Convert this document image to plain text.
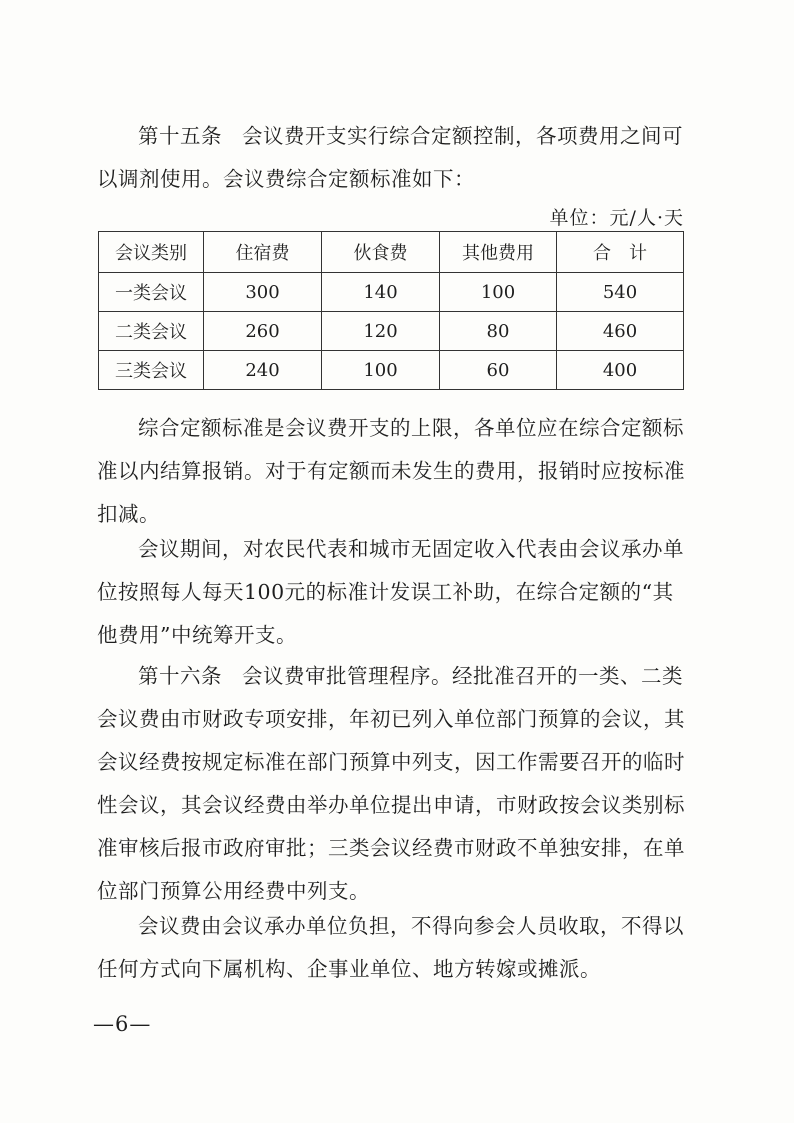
第十五条 会议费开支实行综合定额控制，各项费用之间可
以调剂使用。会议费综合定额标准如下：

单位：元/人·天
会议类别	住宿费	伙食费	其他费用	合　计
一类会议	300	140	100	540
二类会议	260	120	80	460
三类会议	240	100	60	400

综合定额标准是会议费开支的上限，各单位应在综合定额标
准以内结算报销。对于有定额而未发生的费用，报销时应按标准
扣减。

会议期间，对农民代表和城市无固定收入代表由会议承办单
位按照每人每天100元的标准计发误工补助，在综合定额的“其
他费用”中统筹开支。

第十六条 会议费审批管理程序。经批准召开的一类、二类
会议费由市财政专项安排，年初已列入单位部门预算的会议，其
会议经费按规定标准在部门预算中列支，因工作需要召开的临时
性会议，其会议经费由举办单位提出申请，市财政按会议类别标
准审核后报市政府审批；三类会议经费市财政不单独安排，在单
位部门预算公用经费中列支。

会议费由会议承办单位负担，不得向参会人员收取，不得以
任何方式向下属机构、企事业单位、地方转嫁或摊派。

—6—
